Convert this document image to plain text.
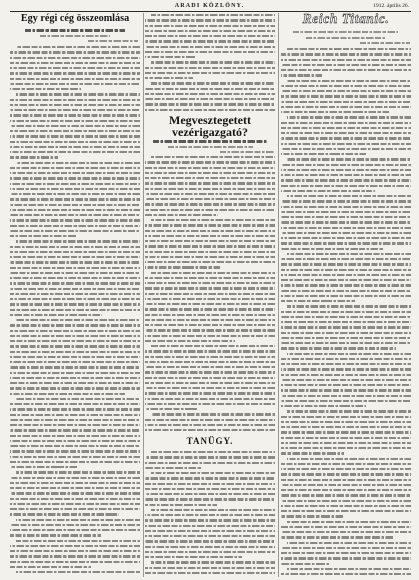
ARADI KÖZLÖNY.	1912. április 26.
Egy régi cég összeomlása
Megvesztegetett
vezérigazgató?
TANÜGY.
Reich Titanic.
